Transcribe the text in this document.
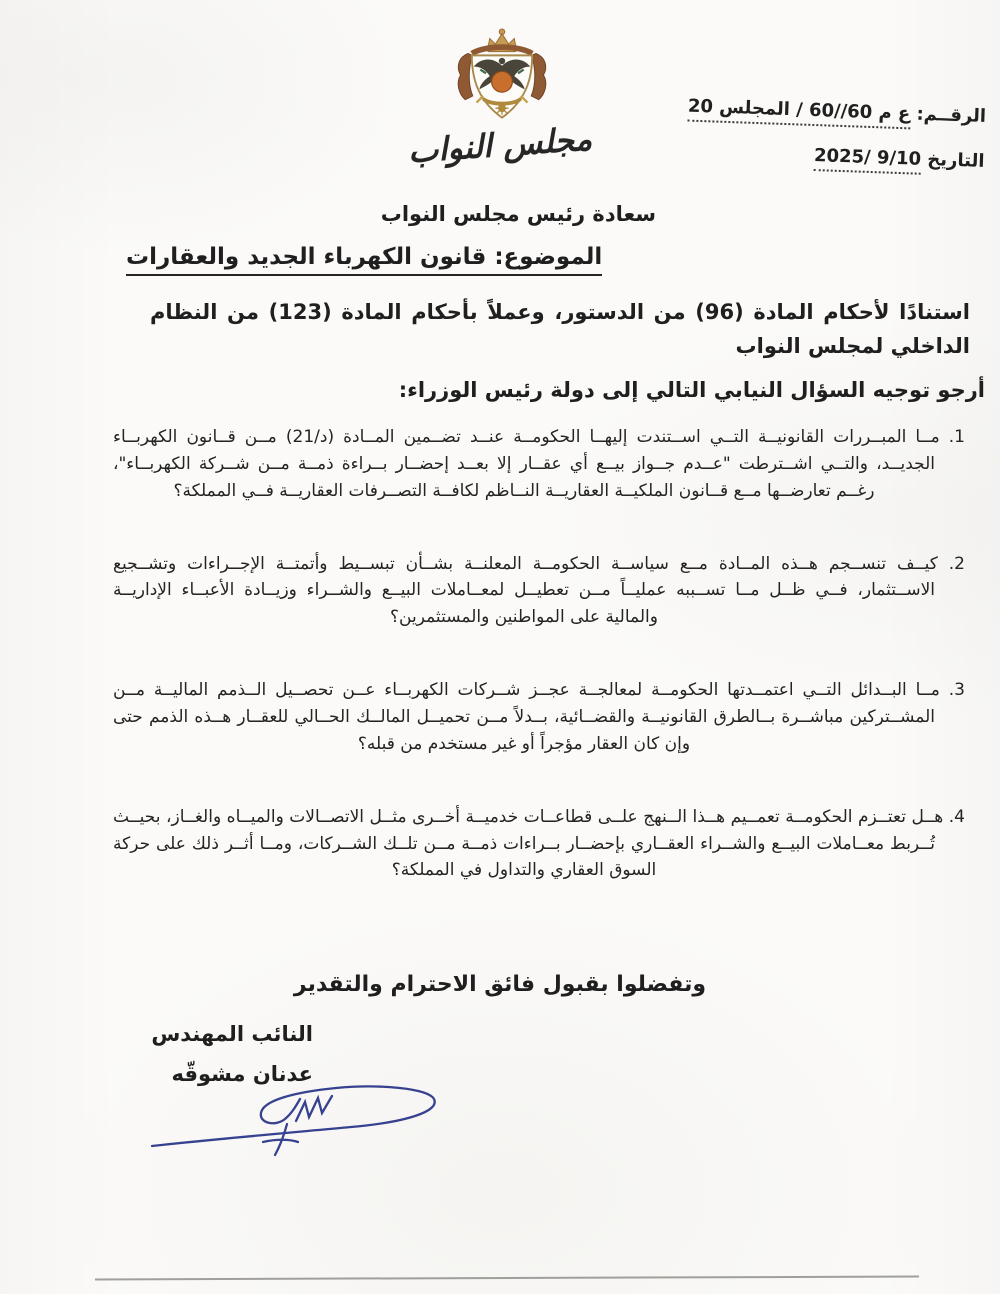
مجلس النواب
الرقــم: ع م 60//60 / المجلس 20
التاريخ 2025/ 9/10
سعادة رئيس مجلس النواب
الموضوع: قانون الكهرباء الجديد والعقارات
استنادًا لأحكام المادة (96) من الدستور، وعملاً بأحكام المادة (123) من النظام الداخلي لمجلس النواب
أرجو توجيه السؤال النيابي التالي إلى دولة رئيس الوزراء:
1. مــا المبــررات القانونيــة التــي اســتندت إليهــا الحكومــة عنــد تضــمين المــادة (د/21) مــن قــانون الكهربــاء الجديــد، والتــي اشــترطت "عــدم جــواز بيــع أي عقــار إلا بعــد إحضــار بــراءة ذمــة مــن شــركة الكهربــاء"، رغــم تعارضــها مــع قــانون الملكيــة العقاريــة النــاظم لكافــة التصــرفات العقاريــة فــي المملكة؟
2. كيــف تنســجم هــذه المــادة مــع سياســة الحكومــة المعلنــة بشــأن تبســيط وأتمتــة الإجــراءات وتشــجيع الاســتثمار، فــي ظــل مــا تســببه عمليــاً مــن تعطيــل لمعــاملات البيــع والشــراء وزيــادة الأعبــاء الإداريــة والمالية على المواطنين والمستثمرين؟
3. مــا البــدائل التــي اعتمــدتها الحكومــة لمعالجــة عجــز شــركات الكهربــاء عــن تحصــيل الــذمم الماليــة مــن المشــتركين مباشــرة بــالطرق القانونيــة والقضــائية، بــدلاً مــن تحميــل المالــك الحــالي للعقــار هــذه الذمم حتى وإن كان العقار مؤجراً أو غير مستخدم من قبله؟
4. هــل تعتــزم الحكومــة تعمــيم هــذا الــنهج علــى قطاعــات خدميــة أخــرى مثــل الاتصــالات والميــاه والغــاز، بحيــث تُــربط معــاملات البيــع والشــراء العقــاري بإحضــار بــراءات ذمــة مــن تلــك الشــركات، ومــا أثــر ذلك على حركة السوق العقاري والتداول في المملكة؟
وتفضلوا بقبول فائق الاحترام والتقدير
النائب المهندس
عدنان مشوقّه
